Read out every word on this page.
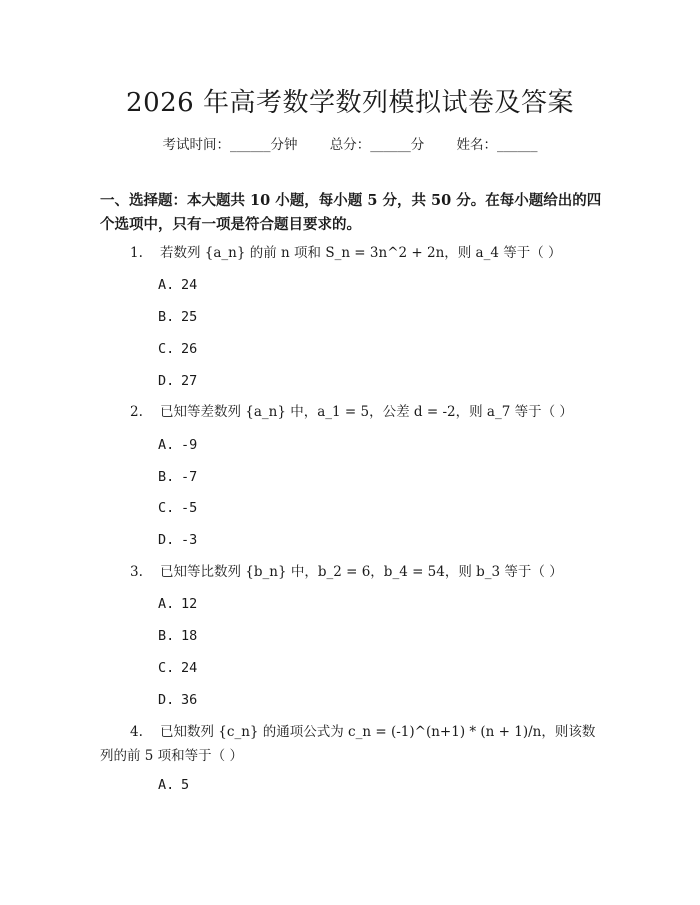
2026 年高考数学数列模拟试卷及答案
考试时间：______分钟 总分：______分 姓名：______
一、选择题：本大题共 10 小题，每小题 5 分，共 50 分。在每小题给出的四个选项中，只有一项是符合题目要求的。
1. 若数列 {a_n} 的前 n 项和 S_n = 3n^2 + 2n，则 a_4 等于（ ）
A. 24
B. 25
C. 26
D. 27
2. 已知等差数列 {a_n} 中，a_1 = 5，公差 d = -2，则 a_7 等于（ ）
A. -9
B. -7
C. -5
D. -3
3. 已知等比数列 {b_n} 中，b_2 = 6，b_4 = 54，则 b_3 等于（ ）
A. 12
B. 18
C. 24
D. 36
4. 已知数列 {c_n} 的通项公式为 c_n = (-1)^(n+1) * (n + 1)/n，则该数列的前 5 项和等于（ ）
A. 5
